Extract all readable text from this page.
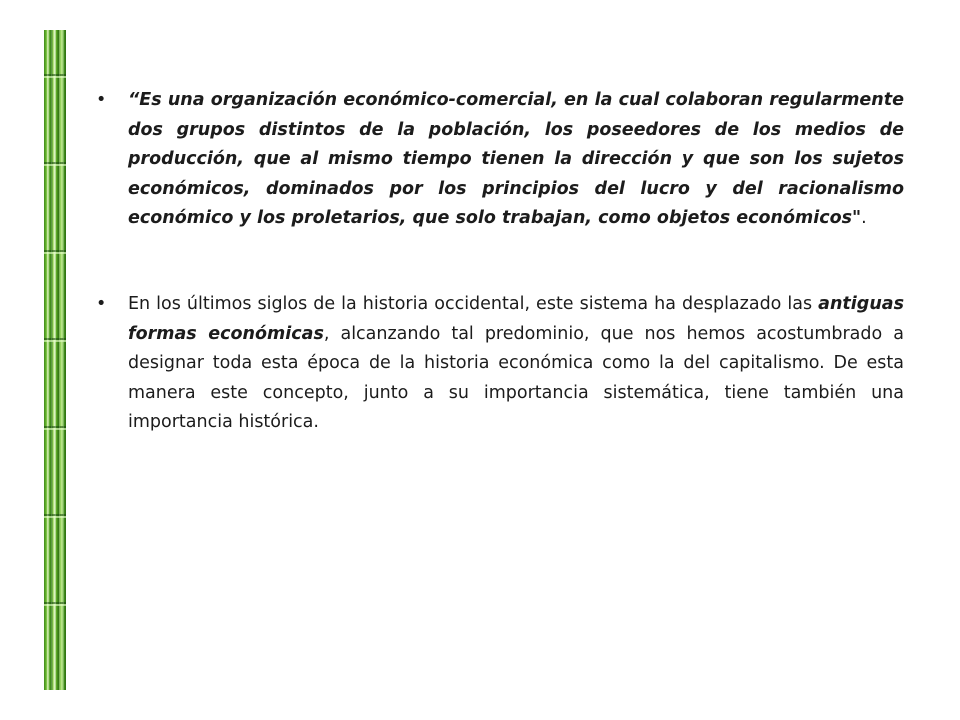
• “Es una organización económico-comercial, en la cual colaboran regularmente dos grupos distintos de la población, los poseedores de los medios de producción, que al mismo tiempo tienen la dirección y que son los sujetos económicos, dominados por los principios del lucro y del racionalismo económico y los proletarios, que solo trabajan, como objetos económicos".
• En los últimos siglos de la historia occidental, este sistema ha desplazado las antiguas formas económicas, alcanzando tal predominio, que nos hemos acostumbrado a designar toda esta época de la historia económica como la del capitalismo. De esta manera este concepto, junto a su importancia sistemática, tiene también una importancia histórica.
